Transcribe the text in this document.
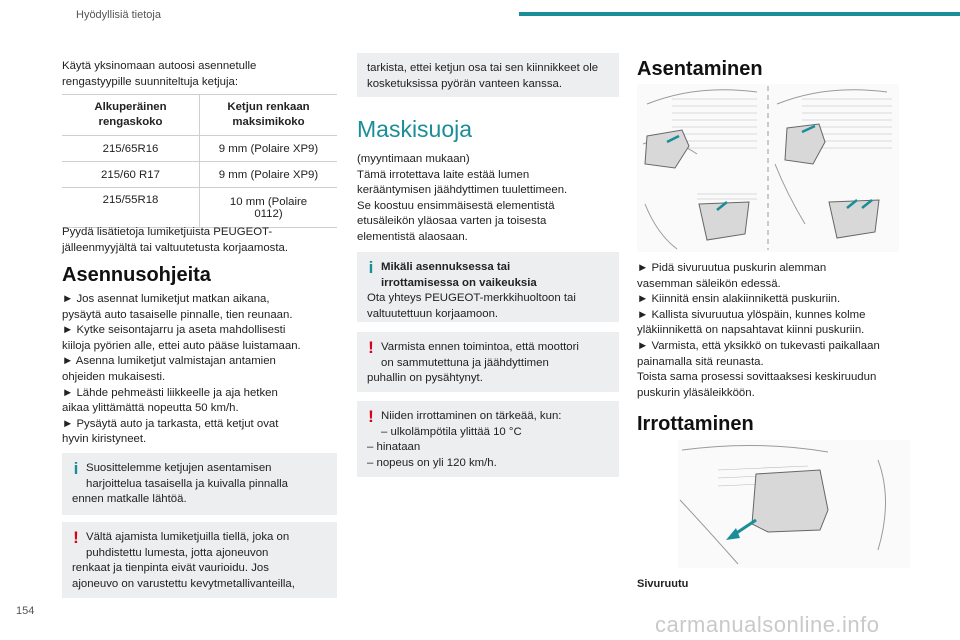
Hyödyllisiä tietoja

Käytä yksinomaan autoosi asennetulle

rengastyypille suunniteltuja ketjuja:

Alkuperäinen rengaskoko	Ketjun renkaan maksimikoko
215/65R16	9 mm (Polaire XP9)
215/60 R17	9 mm (Polaire XP9)
215/55R18	10 mm (Polaire 0112)

Pyydä lisätietoja lumiketjuista PEUGEOT-

jälleenmyyjältä tai valtuutetusta korjaamosta.

Asennusohjeita

► Jos asennat lumiketjut matkan aikana,

pysäytä auto tasaiselle pinnalle, tien reunaan.

► Kytke seisontajarru ja aseta mahdollisesti

kiiloja pyörien alle, ettei auto pääse luistamaan.

► Asenna lumiketjut valmistajan antamien

ohjeiden mukaisesti.

► Lähde pehmeästi liikkeelle ja aja hetken

aikaa ylittämättä nopeutta 50 km/h.

► Pysäytä auto ja tarkasta, että ketjut ovat

hyvin kiristyneet.

i Suosittelemme ketjujen asentamisen

harjoittelua tasaisella ja kuivalla pinnalla

ennen matkalle lähtöä.

! Vältä ajamista lumiketjuilla tiellä, joka on

puhdistettu lumesta, jotta ajoneuvon

renkaat ja tienpinta eivät vaurioidu. Jos

ajoneuvo on varustettu kevytmetallivanteilla,

tarkista, ettei ketjun osa tai sen kiinnikkeet ole

kosketuksissa pyörän vanteen kanssa.

Maskisuoja

(myyntimaan mukaan)

Tämä irrotettava laite estää lumen

kerääntymisen jäähdyttimen tuulettimeen.

Se koostuu ensimmäisestä elementistä

etusäleikön yläosaa varten ja toisesta

elementistä alaosaan.

i Mikäli asennuksessa tai

irrottamisessa on vaikeuksia

Ota yhteys PEUGEOT-merkkihuoltoon tai

valtuutettuun korjaamoon.

! Varmista ennen toimintoa, että moottori

on sammutettuna ja jäähdyttimen

puhallin on pysähtynyt.

! Niiden irrottaminen on tärkeää, kun:

– ulkolämpötila ylittää 10 °C

– hinataan

– nopeus on yli 120 km/h.

Asentaminen

► Pidä sivuruutua puskurin alemman

vasemman säleikön edessä.

► Kiinnitä ensin alakiinnikettä puskuriin.

► Kallista sivuruutua ylöspäin, kunnes kolme

yläkiinnikettä on napsahtavat kiinni puskuriin.

► Varmista, että yksikkö on tukevasti paikallaan

painamalla sitä reunasta.

Toista sama prosessi sovittaaksesi keskiruudun

puskurin yläsäleikköön.

Irrottaminen
Sivuruutu
154
carmanualsonline.info
